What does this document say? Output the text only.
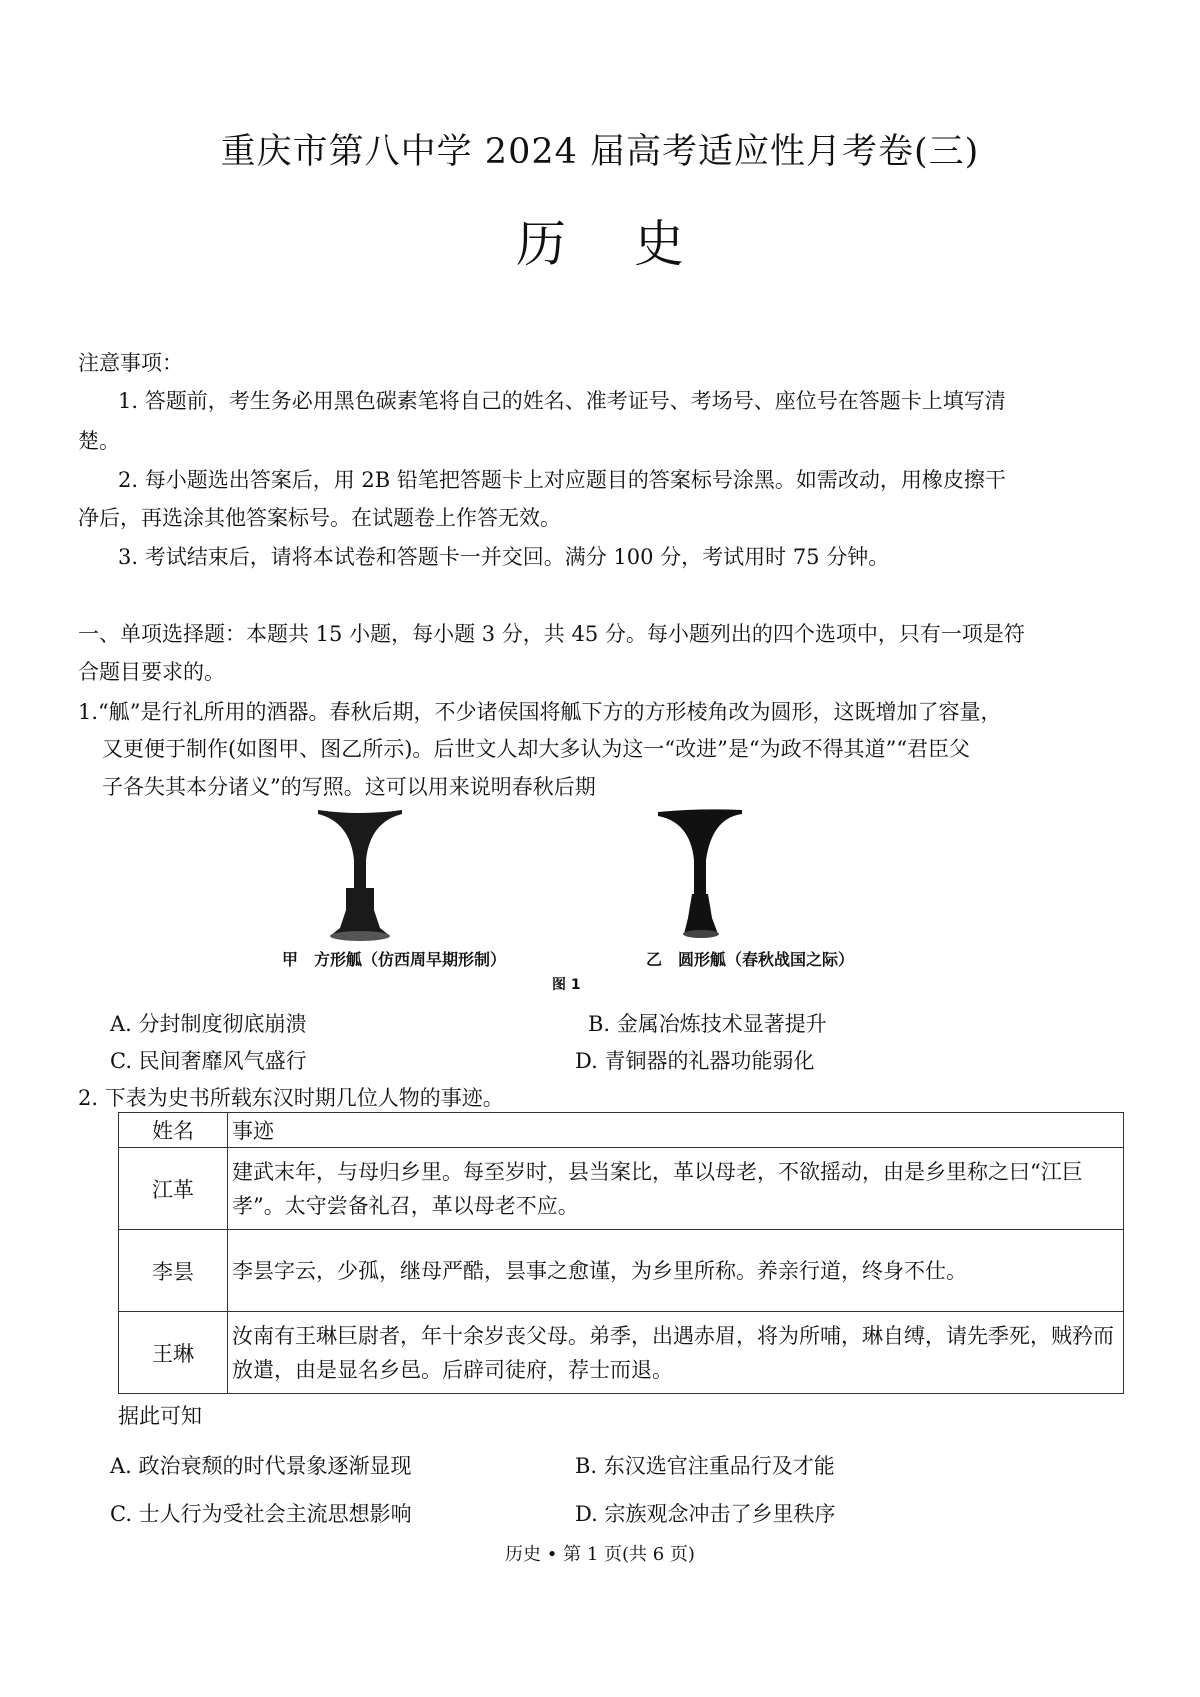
重庆市第八中学 2024 届高考适应性月考卷(三)
历 史
注意事项：
1. 答题前，考生务必用黑色碳素笔将自己的姓名、准考证号、考场号、座位号在答题卡上填写清
楚。
2. 每小题选出答案后，用 2B 铅笔把答题卡上对应题目的答案标号涂黑。如需改动，用橡皮擦干
净后，再选涂其他答案标号。在试题卷上作答无效。
3. 考试结束后，请将本试卷和答题卡一并交回。满分 100 分，考试用时 75 分钟。
一、单项选择题：本题共 15 小题，每小题 3 分，共 45 分。每小题列出的四个选项中，只有一项是符
合题目要求的。
1.“觚”是行礼所用的酒器。春秋后期，不少诸侯国将觚下方的方形棱角改为圆形，这既增加了容量，
又更便于制作(如图甲、图乙所示)。后世文人却大多认为这一“改进”是“为政不得其道”“君臣父
子各失其本分诸义”的写照。这可以用来说明春秋后期
甲　方形觚（仿西周早期形制）	乙　圆形觚（春秋战国之际）
图 1
A. 分封制度彻底崩溃	B. 金属冶炼技术显著提升
C. 民间奢靡风气盛行	D. 青铜器的礼器功能弱化
2. 下表为史书所载东汉时期几位人物的事迹。
姓名	事迹
江革	建武末年，与母归乡里。每至岁时，县当案比，革以母老，不欲摇动，由是乡里称之曰“江巨孝”。太守尝备礼召，革以母老不应。
李昙	李昙字云，少孤，继母严酷，昙事之愈谨，为乡里所称。养亲行道，终身不仕。
王琳	汝南有王琳巨尉者，年十余岁丧父母。弟季，出遇赤眉，将为所哺，琳自缚，请先季死，贼矜而放遣，由是显名乡邑。后辟司徒府，荐士而退。
据此可知
A. 政治衰颓的时代景象逐渐显现	B. 东汉选官注重品行及才能
C. 士人行为受社会主流思想影响	D. 宗族观念冲击了乡里秩序
历史 • 第 1 页(共 6 页)
